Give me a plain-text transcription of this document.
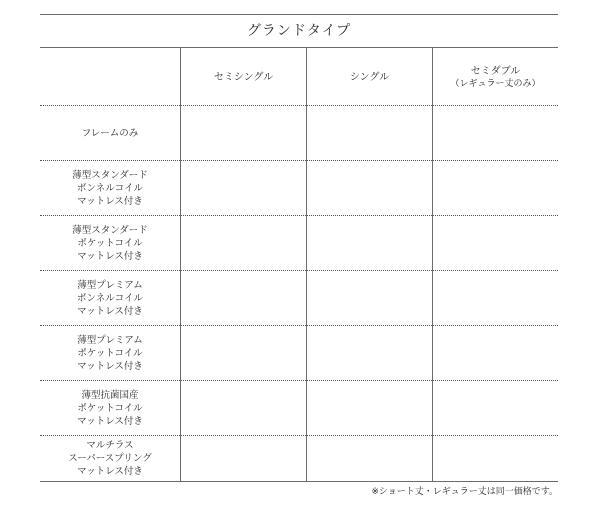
グランドタイプ
セミシングル	シングル
セミダブル
（レギュラー丈のみ）
フレームのみ
薄型スタンダード
ボンネルコイル
マットレス付き
薄型スタンダード
ポケットコイル
マットレス付き
薄型プレミアム
ボンネルコイル
マットレス付き
薄型プレミアム
ポケットコイル
マットレス付き
薄型抗菌国産
ポケットコイル
マットレス付き
マルチラス
スーパースプリング
マットレス付き
※ショート丈・レギュラー丈は同一価格です。
